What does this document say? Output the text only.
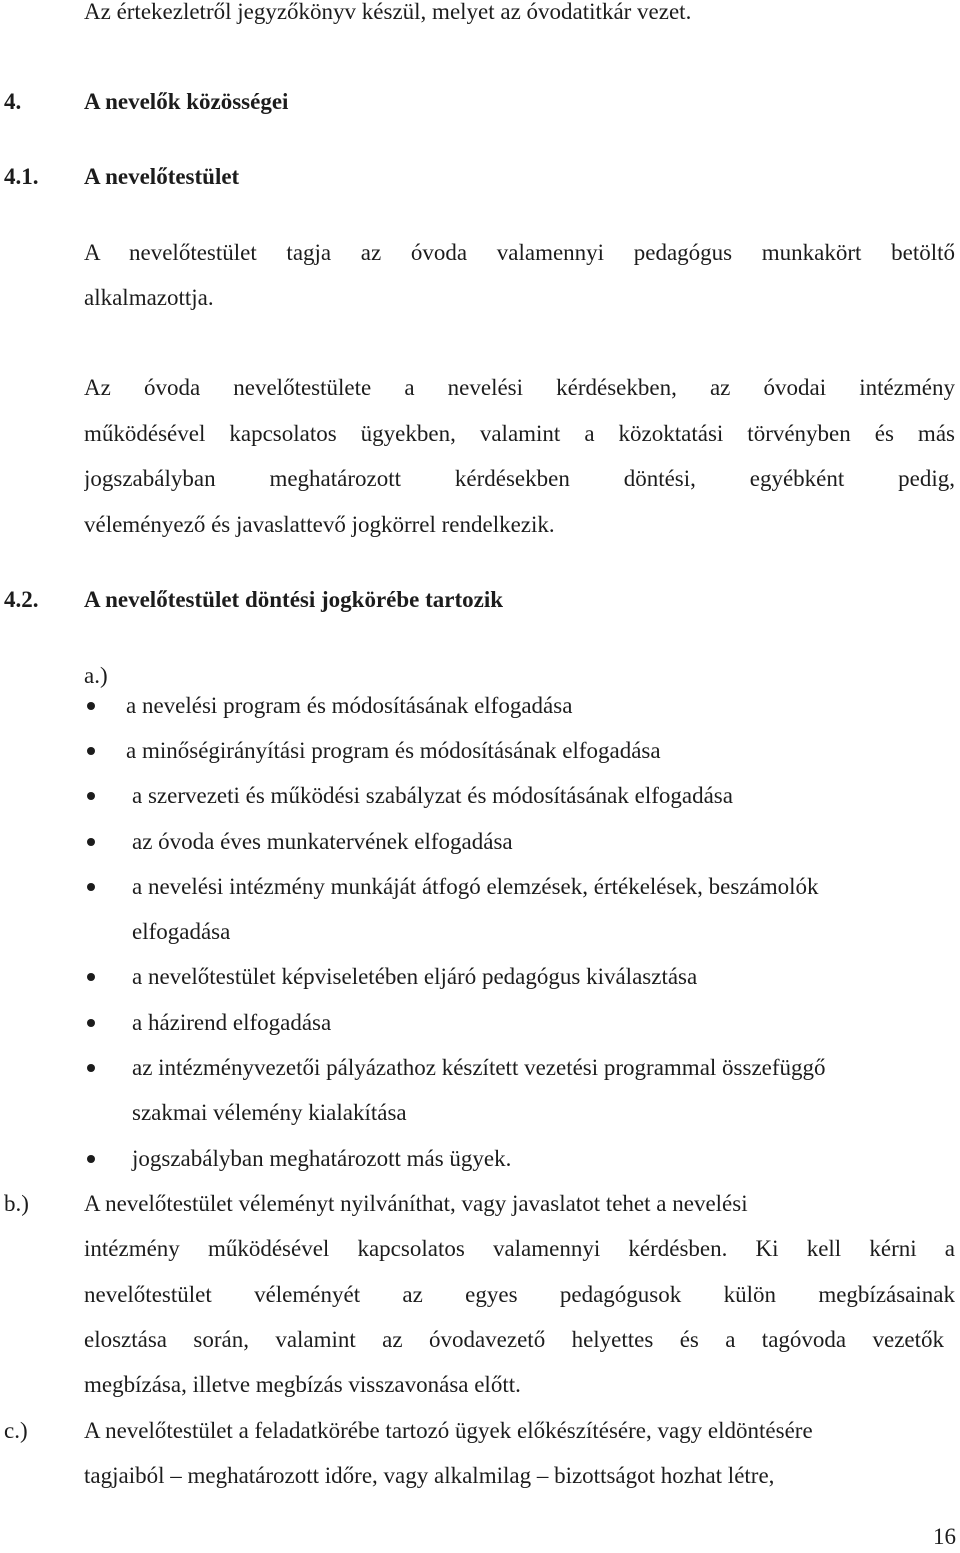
Az értekezletről jegyzőkönyv készül, melyet az óvodatitkár vezet.
4.	A nevelők közösségei
4.1. A nevelőtestület
A nevelőtestület tagja az óvoda valamennyi pedagógus munkakört betöltő
alkalmazottja.
Az óvoda nevelőtestülete a nevelési kérdésekben, az óvodai intézmény
működésével kapcsolatos ügyekben, valamint a közoktatási törvényben és más
jogszabályban meghatározott kérdésekben döntési, egyébként pedig,
véleményező és javaslattevő jogkörrel rendelkezik.
4.2. A nevelőtestület döntési jogkörébe tartozik
a.)
a nevelési program és módosításának elfogadása
a minőségirányítási program és módosításának elfogadása
a szervezeti és működési szabályzat és módosításának elfogadása
az óvoda éves munkatervének elfogadása
a nevelési intézmény munkáját átfogó elemzések, értékelések, beszámolók
elfogadása
a nevelőtestület képviseletében eljáró pedagógus kiválasztása
a házirend elfogadása
az intézményvezetői pályázathoz készített vezetési programmal összefüggő
szakmai vélemény kialakítása
jogszabályban meghatározott más ügyek.
b.) A nevelőtestület véleményt nyilváníthat, vagy javaslatot tehet a nevelési
intézmény működésével kapcsolatos valamennyi kérdésben. Ki kell kérni a
nevelőtestület véleményét az egyes pedagógusok külön megbízásainak
elosztása során, valamint az óvodavezető helyettes és a tagóvoda vezetők
megbízása, illetve megbízás visszavonása előtt.
c.) A nevelőtestület a feladatkörébe tartozó ügyek előkészítésére, vagy eldöntésére
tagjaiból – meghatározott időre, vagy alkalmilag – bizottságot hozhat létre,
16
